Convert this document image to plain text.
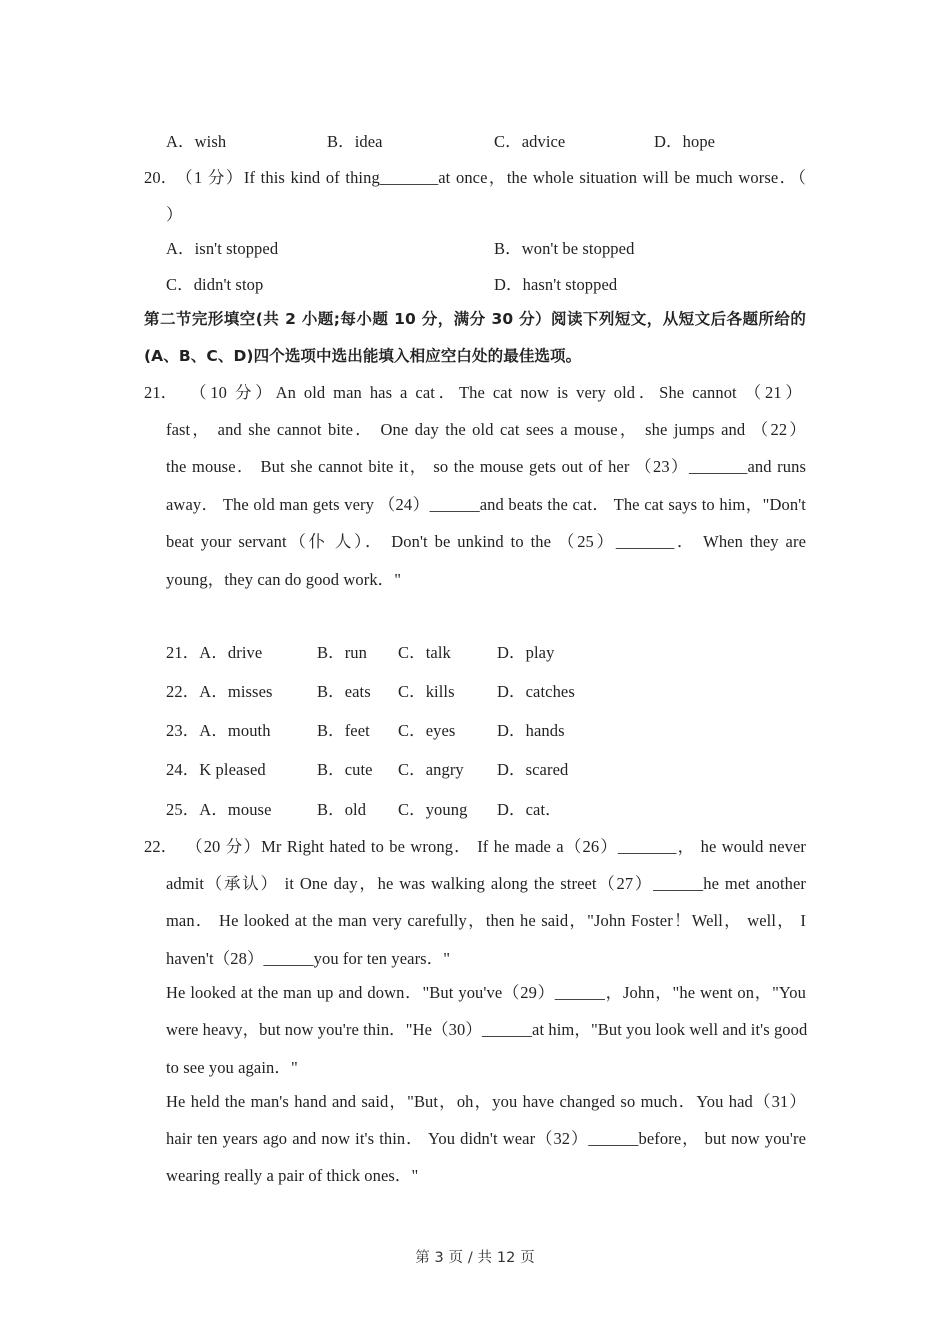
A．wish	B．idea	C．advice	D．hope
20．
（1 分）If this kind of thing_______at once，the whole situation will be much worse．（
）
A．isn't stopped	B．won't be stopped
C．didn't stop	D．hasn't stopped
第二节完形填空(共 2 小题;每小题 10 分，满分 30 分）阅读下列短文，从短文后各题所给的
(A、B、C、D)四个选项中选出能填入相应空白处的最佳选项。
21． （10 分）An old man has a cat．The cat now is very old．She cannot （21）
fast， and she cannot bite． One day the old cat sees a mouse， she jumps and （22）
the mouse． But she cannot bite it， so the mouse gets out of her （23）_______and runs
away． The old man gets very （24）______and beats the cat． The cat says to him，"Don't
beat your servant（仆 人）． Don't be unkind to the （25）_______． When they are
young，they can do good work．"
21．A．drive	B．run C．talk	D．play
22．A．misses	B．eats C．kills	D．catches
23．A．mouth	B．feet C．eyes	D．hands
24．K pleased	B．cute C．angry D．scared
25．A．mouse	B．old C．young D．cat．
22． （20 分）Mr Right hated to be wrong． If he made a（26）_______， he would never
admit（承认） it One day，he was walking along the street（27）______he met another
man． He looked at the man very carefully，then he said，"John Foster！Well， well， I
haven't（28）______you for ten years．"
He looked at the man up and down．"But you've（29）______，John，"he went on，"You
were heavy，but now you're thin．"He（30）______at him，"But you look well and it's good
to see you again．"
He held the man's hand and said，"But，oh，you have changed so much．You had（31）
hair ten years ago and now it's thin． You didn't wear（32）______before， but now you're
wearing really a pair of thick ones．"
第 3 页 / 共 12 页
